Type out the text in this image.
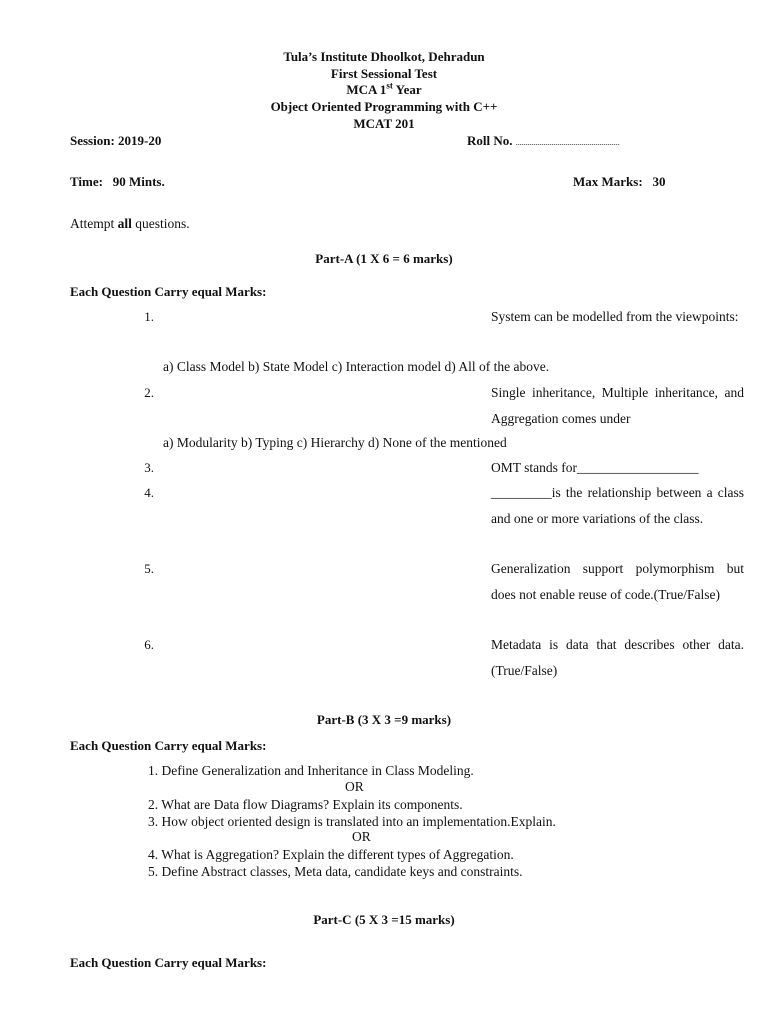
Tula’s Institute Dhoolkot, Dehradun
First Sessional Test
MCA 1st Year
Object Oriented Programming with C++
MCAT 201
Session: 2019-20	Roll No. ....................................................
Time: 90 Mints.	Max Marks: 30
Attempt all questions.
Part-A (1 X 6 = 6 marks)
Each Question Carry equal Marks:
1.	System can be modelled from the viewpoints:
a) Class Model b) State Model c) Interaction model d) All of the above.
2.	Single inheritance, Multiple inheritance, and Aggregation comes under
a) Modularity b) Typing c) Hierarchy d) None of the mentioned
3.	OMT stands for__________________
4.	_________is the relationship between a class and one or more variations of the class.
5.	Generalization support polymorphism but does not enable reuse of code.(True/False)
6.	Metadata is data that describes other data. (True/False)
Part-B (3 X 3 =9 marks)
Each Question Carry equal Marks:
1. Define Generalization and Inheritance in Class Modeling.
OR
2. What are Data flow Diagrams? Explain its components.
3. How object oriented design is translated into an implementation.Explain.
OR
4. What is Aggregation? Explain the different types of Aggregation.
5. Define Abstract classes, Meta data, candidate keys and constraints.
Part-C (5 X 3 =15 marks)
Each Question Carry equal Marks:
